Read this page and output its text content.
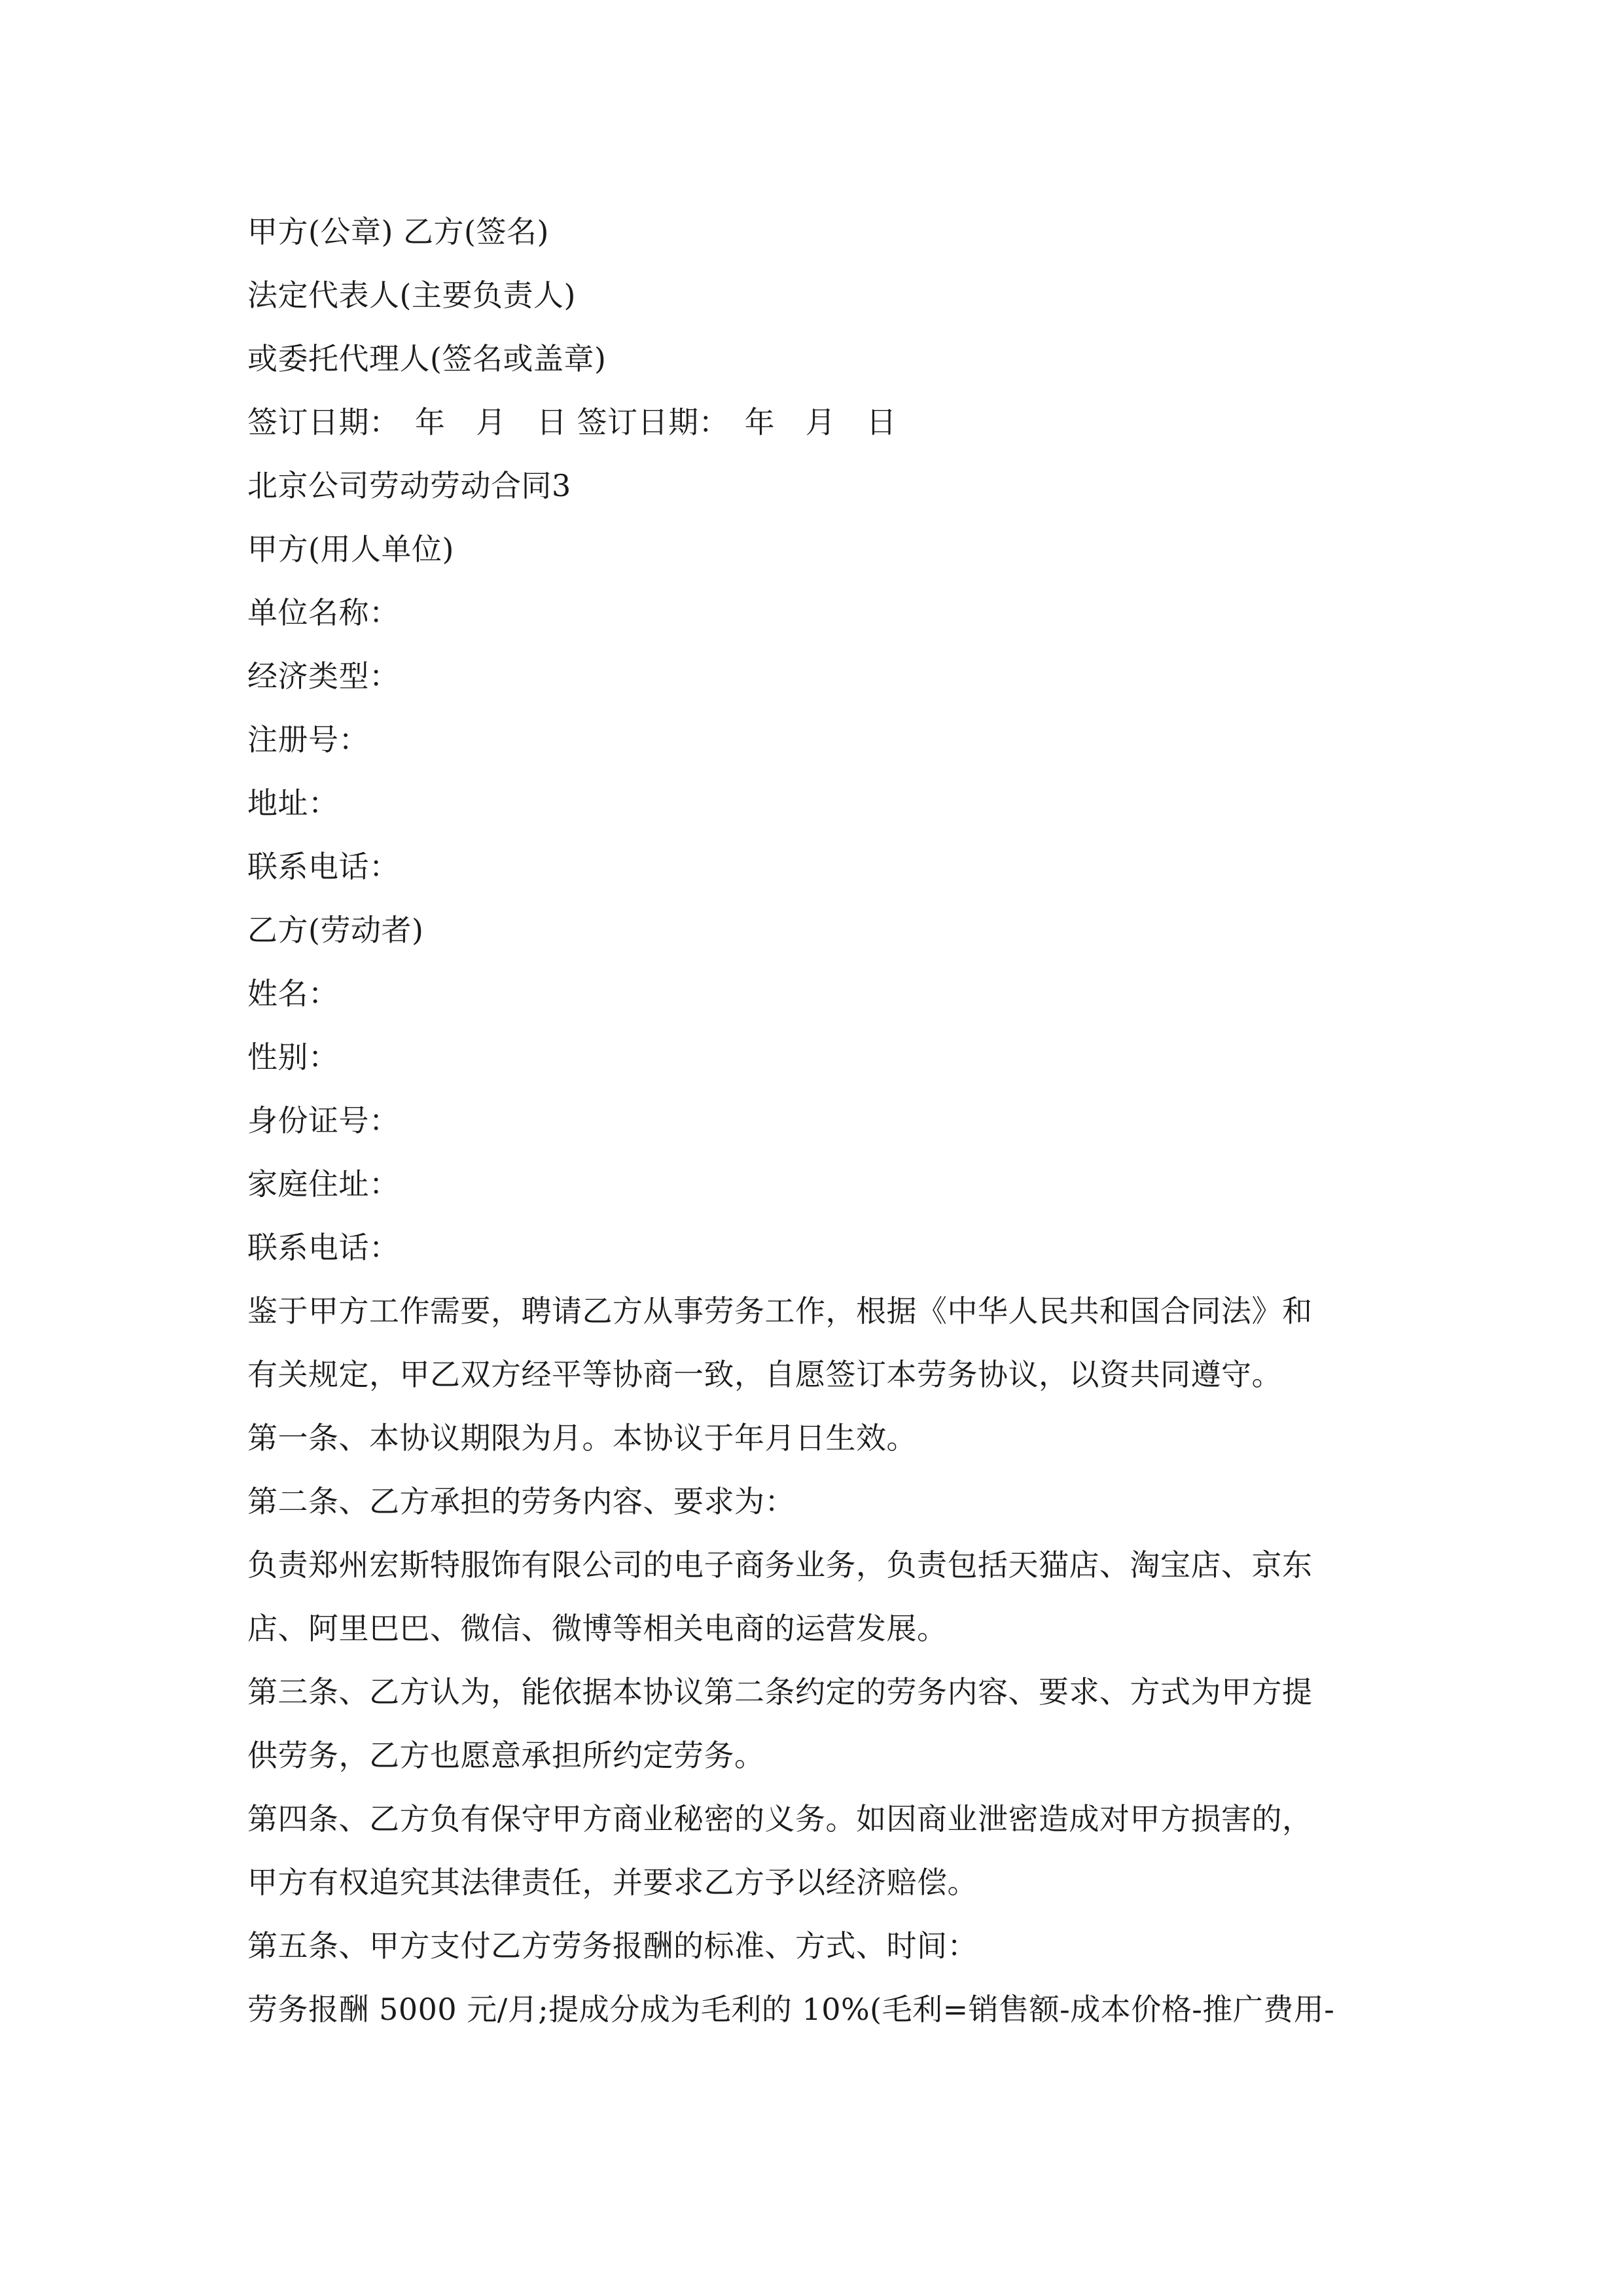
甲方(公章) 乙方(签名)
法定代表人(主要负责人)
或委托代理人(签名或盖章)
签订日期：　年　月　日 签订日期：　年　月　日
北京公司劳动劳动合同3
甲方(用人单位)
单位名称：
经济类型：
注册号：
地址：
联系电话：
乙方(劳动者)
姓名：
性别：
身份证号：
家庭住址：
联系电话：
鉴于甲方工作需要，聘请乙方从事劳务工作，根据《中华人民共和国合同法》和
有关规定，甲乙双方经平等协商一致，自愿签订本劳务协议，以资共同遵守。
第一条、本协议期限为月。本协议于年月日生效。
第二条、乙方承担的劳务内容、要求为：
负责郑州宏斯特服饰有限公司的电子商务业务，负责包括天猫店、淘宝店、京东
店、阿里巴巴、微信、微博等相关电商的运营发展。
第三条、乙方认为，能依据本协议第二条约定的劳务内容、要求、方式为甲方提
供劳务，乙方也愿意承担所约定劳务。
第四条、乙方负有保守甲方商业秘密的义务。如因商业泄密造成对甲方损害的，
甲方有权追究其法律责任，并要求乙方予以经济赔偿。
第五条、甲方支付乙方劳务报酬的标准、方式、时间：
劳务报酬 5000 元/月;提成分成为毛利的 10%(毛利=销售额-成本价格-推广费用-
